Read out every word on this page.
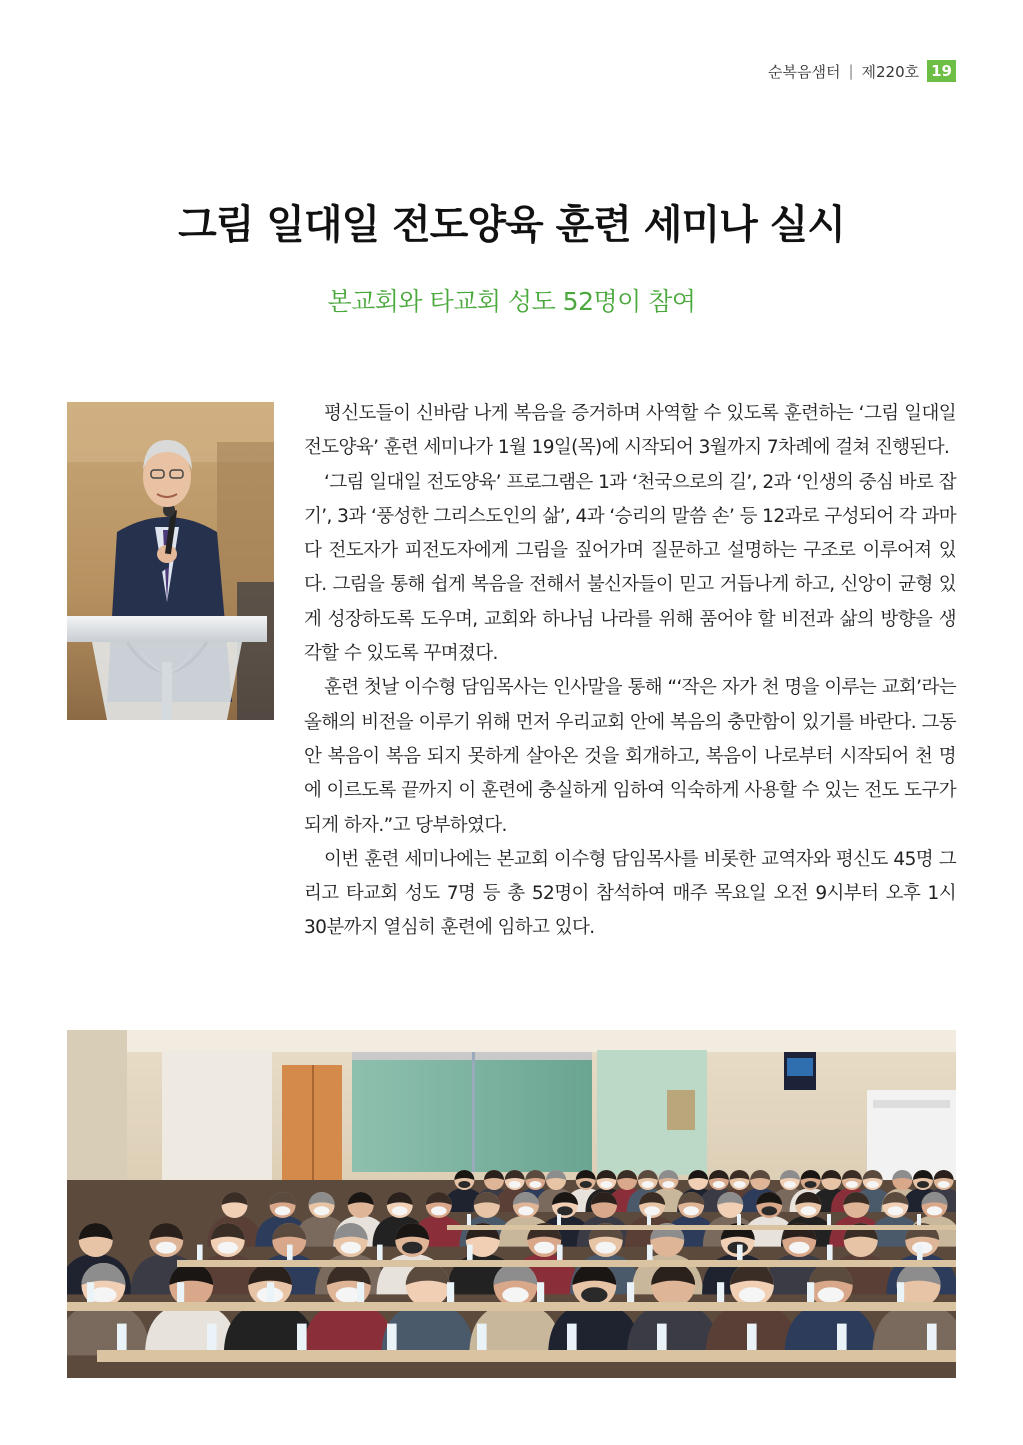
순복음샘터 | 제220호 19
그림 일대일 전도양육 훈련 세미나 실시
본교회와 타교회 성도 52명이 참여

평신도들이 신바람 나게 복음을 증거하며 사역할 수 있도록 훈련하는 ‘그림 일대일 전도양육’ 훈련 세미나가 1월 19일(목)에 시작되어 3월까지 7차례에 걸쳐 진행된다.

‘그림 일대일 전도양육’ 프로그램은 1과 ‘천국으로의 길’, 2과 ‘인생의 중심 바로 잡기’, 3과 ‘풍성한 그리스도인의 삶’, 4과 ‘승리의 말씀 손’ 등 12과로 구성되어 각 과마다 전도자가 피전도자에게 그림을 짚어가며 질문하고 설명하는 구조로 이루어져 있다. 그림을 통해 쉽게 복음을 전해서 불신자들이 믿고 거듭나게 하고, 신앙이 균형 있게 성장하도록 도우며, 교회와 하나님 나라를 위해 품어야 할 비전과 삶의 방향을 생각할 수 있도록 꾸며졌다.

훈련 첫날 이수형 담임목사는 인사말을 통해 “‘작은 자가 천 명을 이루는 교회’라는 올해의 비전을 이루기 위해 먼저 우리교회 안에 복음의 충만함이 있기를 바란다. 그동안 복음이 복음 되지 못하게 살아온 것을 회개하고, 복음이 나로부터 시작되어 천 명에 이르도록 끝까지 이 훈련에 충실하게 임하여 익숙하게 사용할 수 있는 전도 도구가 되게 하자.”고 당부하였다.

이번 훈련 세미나에는 본교회 이수형 담임목사를 비롯한 교역자와 평신도 45명 그리고 타교회 성도 7명 등 총 52명이 참석하여 매주 목요일 오전 9시부터 오후 1시 30분까지 열심히 훈련에 임하고 있다.
